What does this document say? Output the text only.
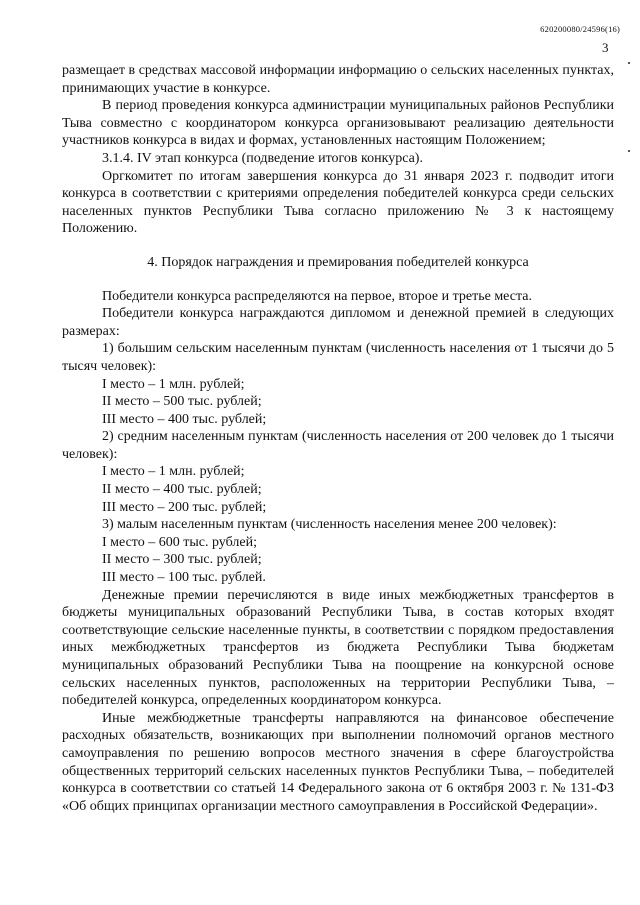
620200080/24596(16)
3

размещает в средствах массовой информации информацию о сельских населенных пунктах, принимающих участие в конкурсе.

В период проведения конкурса администрации муниципальных районов Республики Тыва совместно с координатором конкурса организовывают реализацию деятельности участников конкурса в видах и формах, установленных настоящим Положением;

3.1.4. IV этап конкурса (подведение итогов конкурса).

Оргкомитет по итогам завершения конкурса до 31 января 2023 г. подводит итоги конкурса в соответствии с критериями определения победителей конкурса среди сельских населенных пунктов Республики Тыва согласно приложению № 3 к настоящему Положению.

4. Порядок награждения и премирования победителей конкурса

Победители конкурса распределяются на первое, второе и третье места.

Победители конкурса награждаются дипломом и денежной премией в следующих размерах:

1) большим сельским населенным пунктам (численность населения от 1 тысячи до 5 тысяч человек):

I место – 1 млн. рублей;

II место – 500 тыс. рублей;

III место – 400 тыс. рублей;

2) средним населенным пунктам (численность населения от 200 человек до 1 тысячи человек):

I место – 1 млн. рублей;

II место – 400 тыс. рублей;

III место – 200 тыс. рублей;

3) малым населенным пунктам (численность населения менее 200 человек):

I место – 600 тыс. рублей;

II место – 300 тыс. рублей;

III место – 100 тыс. рублей.

Денежные премии перечисляются в виде иных межбюджетных трансфертов в бюджеты муниципальных образований Республики Тыва, в состав которых входят соответствующие сельские населенные пункты, в соответствии с порядком предоставления иных межбюджетных трансфертов из бюджета Республики Тыва бюджетам муниципальных образований Республики Тыва на поощрение на конкурсной основе сельских населенных пунктов, расположенных на территории Республики Тыва, – победителей конкурса, определенных координатором конкурса.

Иные межбюджетные трансферты направляются на финансовое обеспечение расходных обязательств, возникающих при выполнении полномочий органов местного самоуправления по решению вопросов местного значения в сфере благоустройства общественных территорий сельских населенных пунктов Республики Тыва, – победителей конкурса в соответствии со статьей 14 Федерального закона от 6 октября 2003 г. № 131-ФЗ «Об общих принципах организации местного самоуправления в Российской Федерации».
